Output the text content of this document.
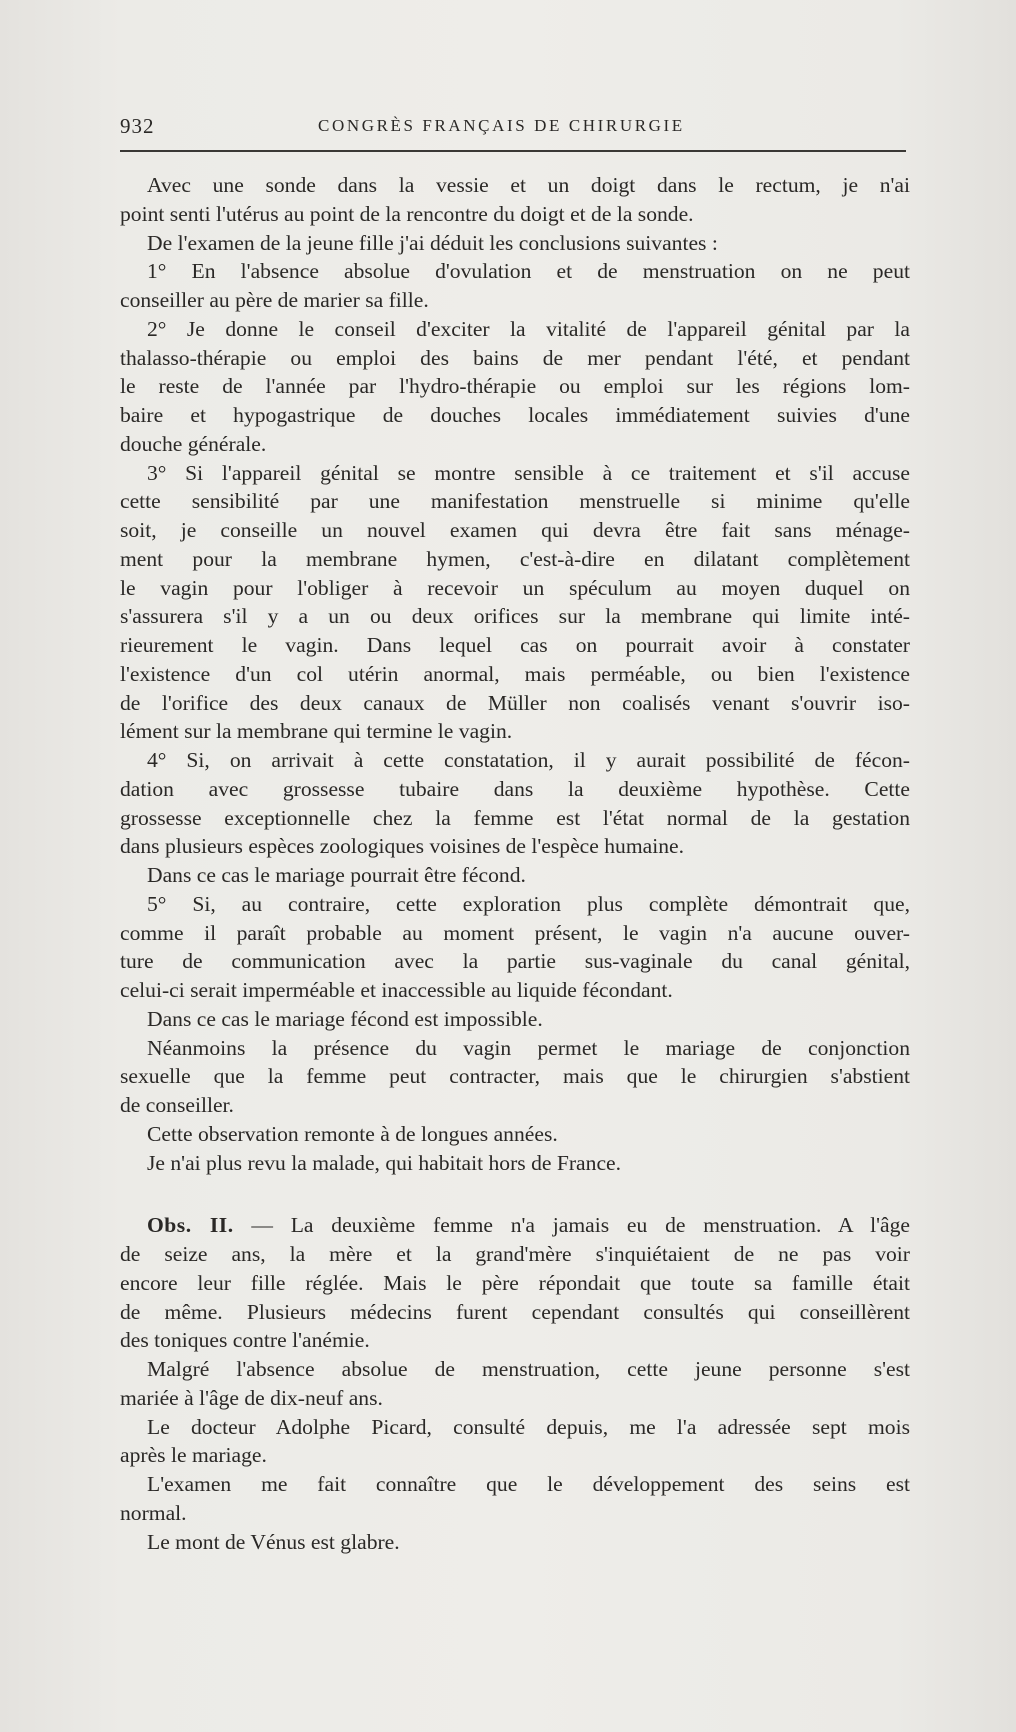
932	CONGRÈS FRANÇAIS DE CHIRURGIE
Avec une sonde dans la vessie et un doigt dans le rectum, je n'ai
point senti l'utérus au point de la rencontre du doigt et de la sonde.
De l'examen de la jeune fille j'ai déduit les conclusions suivantes :
1° En l'absence absolue d'ovulation et de menstruation on ne peut
conseiller au père de marier sa fille.
2° Je donne le conseil d'exciter la vitalité de l'appareil génital par la
thalasso-thérapie ou emploi des bains de mer pendant l'été, et pendant
le reste de l'année par l'hydro-thérapie ou emploi sur les régions lom-
baire et hypogastrique de douches locales immédiatement suivies d'une
douche générale.
3° Si l'appareil génital se montre sensible à ce traitement et s'il accuse
cette sensibilité par une manifestation menstruelle si minime qu'elle
soit, je conseille un nouvel examen qui devra être fait sans ménage-
ment pour la membrane hymen, c'est-à-dire en dilatant complètement
le vagin pour l'obliger à recevoir un spéculum au moyen duquel on
s'assurera s'il y a un ou deux orifices sur la membrane qui limite inté-
rieurement le vagin. Dans lequel cas on pourrait avoir à constater
l'existence d'un col utérin anormal, mais perméable, ou bien l'existence
de l'orifice des deux canaux de Müller non coalisés venant s'ouvrir iso-
lément sur la membrane qui termine le vagin.
4° Si, on arrivait à cette constatation, il y aurait possibilité de fécon-
dation avec grossesse tubaire dans la deuxième hypothèse. Cette
grossesse exceptionnelle chez la femme est l'état normal de la gestation
dans plusieurs espèces zoologiques voisines de l'espèce humaine.
Dans ce cas le mariage pourrait être fécond.
5° Si, au contraire, cette exploration plus complète démontrait que,
comme il paraît probable au moment présent, le vagin n'a aucune ouver-
ture de communication avec la partie sus-vaginale du canal génital,
celui-ci serait imperméable et inaccessible au liquide fécondant.
Dans ce cas le mariage fécond est impossible.
Néanmoins la présence du vagin permet le mariage de conjonction
sexuelle que la femme peut contracter, mais que le chirurgien s'abstient
de conseiller.
Cette observation remonte à de longues années.
Je n'ai plus revu la malade, qui habitait hors de France.
Obs. II. — La deuxième femme n'a jamais eu de menstruation. A l'âge
de seize ans, la mère et la grand'mère s'inquiétaient de ne pas voir
encore leur fille réglée. Mais le père répondait que toute sa famille était
de même. Plusieurs médecins furent cependant consultés qui conseillèrent
des toniques contre l'anémie.
Malgré l'absence absolue de menstruation, cette jeune personne s'est
mariée à l'âge de dix-neuf ans.
Le docteur Adolphe Picard, consulté depuis, me l'a adressée sept mois
après le mariage.
L'examen me fait connaître que le développement des seins est
normal.
Le mont de Vénus est glabre.
